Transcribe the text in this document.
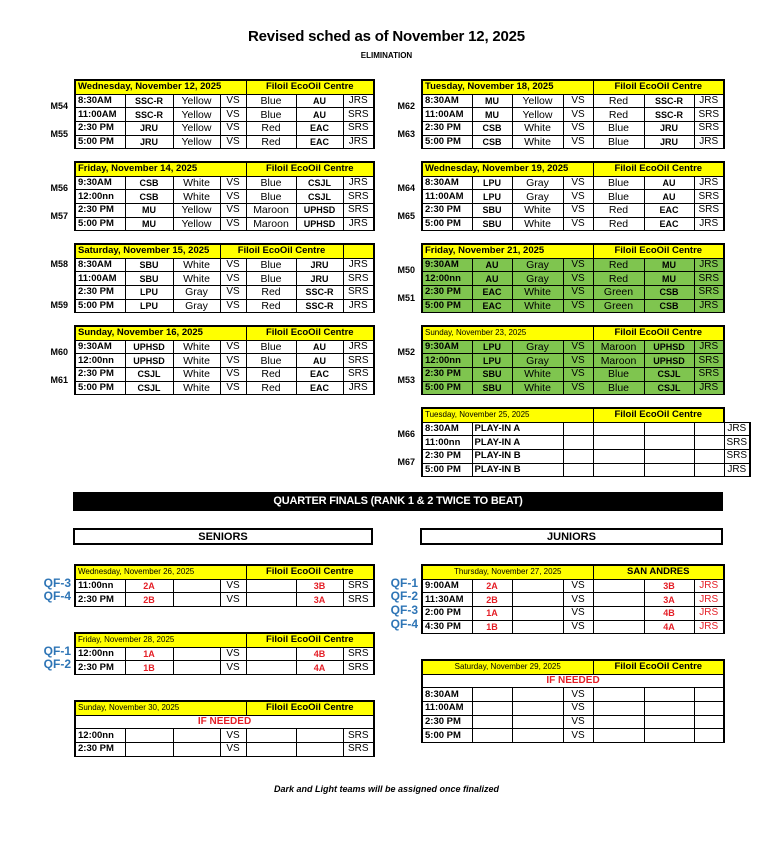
Revised sched as of November 12, 2025
ELIMINATION
M54
M55
Wednesday, November 12, 2025				Filoil EcoOil Centre		
8:30AM	SSC-R	Yellow	VS	Blue	AU	JRS
11:00AM	SSC-R	Yellow	VS	Blue	AU	SRS
2:30 PM	JRU	Yellow	VS	Red	EAC	SRS
5:00 PM	JRU	Yellow	VS	Red	EAC	JRS
M56
M57
Friday, November 14, 2025				Filoil EcoOil Centre		
9:30AM	CSB	White	VS	Blue	CSJL	JRS
12:00nn	CSB	White	VS	Blue	CSJL	SRS
2:30 PM	MU	Yellow	VS	Maroon	UPHSD	SRS
5:00 PM	MU	Yellow	VS	Maroon	UPHSD	JRS
M58
M59
Saturday, November 15, 2025			Filoil EcoOil Centre			
8:30AM	SBU	White	VS	Blue	JRU	JRS
11:00AM	SBU	White	VS	Blue	JRU	SRS
2:30 PM	LPU	Gray	VS	Red	SSC-R	SRS
5:00 PM	LPU	Gray	VS	Red	SSC-R	JRS
M60
M61
Sunday, November 16, 2025				Filoil EcoOil Centre		
9:30AM	UPHSD	White	VS	Blue	AU	JRS
12:00nn	UPHSD	White	VS	Blue	AU	SRS
2:30 PM	CSJL	White	VS	Red	EAC	SRS
5:00 PM	CSJL	White	VS	Red	EAC	JRS
M62
M63
Tuesday, November 18, 2025				Filoil EcoOil Centre		
8:30AM	MU	Yellow	VS	Red	SSC-R	JRS
11:00AM	MU	Yellow	VS	Red	SSC-R	SRS
2:30 PM	CSB	White	VS	Blue	JRU	SRS
5:00 PM	CSB	White	VS	Blue	JRU	JRS
M64
M65
Wednesday, November 19, 2025				Filoil EcoOil Centre		
8:30AM	LPU	Gray	VS	Blue	AU	JRS
11:00AM	LPU	Gray	VS	Blue	AU	SRS
2:30 PM	SBU	White	VS	Red	EAC	SRS
5:00 PM	SBU	White	VS	Red	EAC	JRS
M50
M51
Friday, November 21, 2025				Filoil EcoOil Centre		
9:30AM	AU	Gray	VS	Red	MU	JRS
12:00nn	AU	Gray	VS	Red	MU	SRS
2:30 PM	EAC	White	VS	Green	CSB	SRS
5:00 PM	EAC	White	VS	Green	CSB	JRS
M52
M53
Sunday, November 23, 2025				Filoil EcoOil Centre		
9:30AM	LPU	Gray	VS	Maroon	UPHSD	JRS
12:00nn	LPU	Gray	VS	Maroon	UPHSD	SRS
2:30 PM	SBU	White	VS	Blue	CSJL	SRS
5:00 PM	SBU	White	VS	Blue	CSJL	JRS
M66
M67
Tuesday, November 25, 2025			Filoil EcoOil Centre			
8:30AM	PLAY-IN A					JRS
11:00nn	PLAY-IN A					SRS
2:30 PM	PLAY-IN B					SRS
5:00 PM	PLAY-IN B					JRS
QUARTER FINALS (RANK 1 & 2 TWICE TO BEAT)
SENIORS	JUNIORS
QF-3
QF-4
Wednesday, November 26, 2025				Filoil EcoOil Centre		
11:00nn	2A		VS		3B	SRS
2:30 PM	2B		VS		3A	SRS
QF-1
QF-2
Friday, November 28, 2025				Filoil EcoOil Centre		
12:00nn	1A		VS		4B	SRS
2:30 PM	1B		VS		4A	SRS
Sunday, November 30, 2025				Filoil EcoOil Centre		
IF NEEDED						
12:00nn			VS			SRS
2:30 PM			VS			SRS
QF-1
QF-2
QF-3
QF-4
Thursday, November 27, 2025				SAN ANDRES		
9:00AM	2A		VS		3B	JRS
11:30AM	2B		VS		3A	JRS
2:00 PM	1A		VS		4B	JRS
4:30 PM	1B		VS		4A	JRS
Saturday, November 29, 2025				Filoil EcoOil Centre		
IF NEEDED						
8:30AM			VS			
11:00AM			VS			
2:30 PM			VS			
5:00 PM			VS			
Dark and Light teams will be assigned once finalized
